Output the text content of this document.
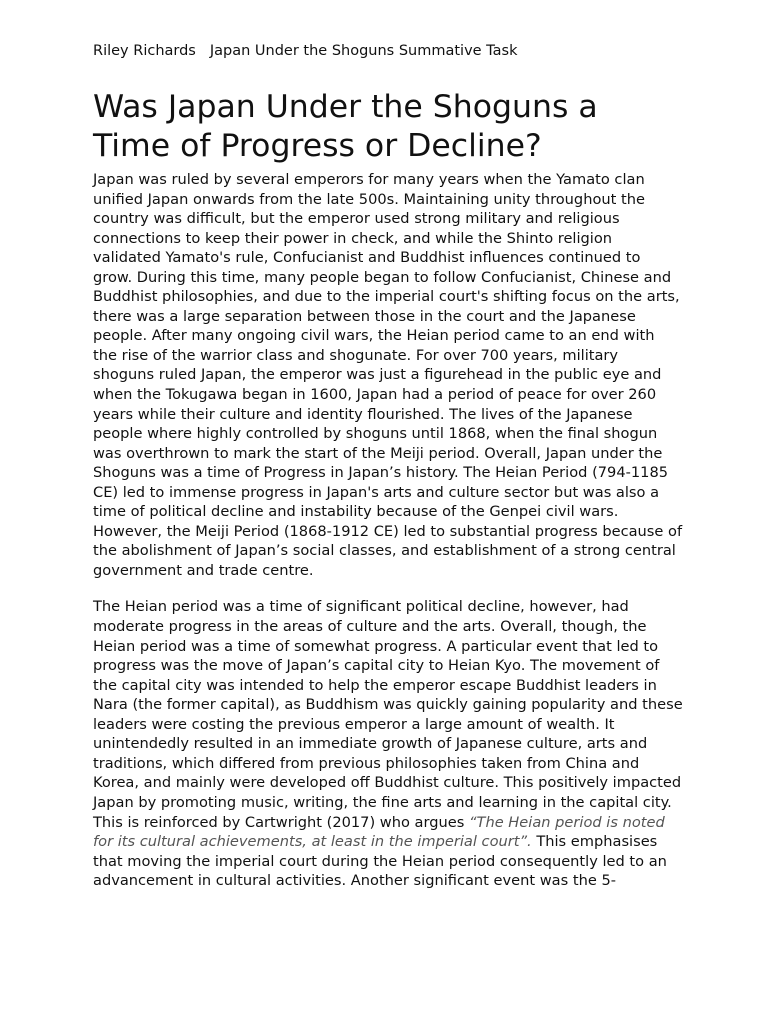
Riley Richards Japan Under the Shoguns Summative Task
Was Japan Under the Shoguns a Time of Progress or Decline?

Japan was ruled by several emperors for many years when the Yamato clan unified Japan onwards from the late 500s. Maintaining unity throughout the country was difficult, but the emperor used strong military and religious connections to keep their power in check, and while the Shinto religion validated Yamato's rule, Confucianist and Buddhist influences continued to grow. During this time, many people began to follow Confucianist, Chinese and Buddhist philosophies, and due to the imperial court's shifting focus on the arts, there was a large separation between those in the court and the Japanese people. After many ongoing civil wars, the Heian period came to an end with the rise of the warrior class and shogunate. For over 700 years, military shoguns ruled Japan, the emperor was just a figurehead in the public eye and when the Tokugawa began in 1600, Japan had a period of peace for over 260 years while their culture and identity flourished. The lives of the Japanese people where highly controlled by shoguns until 1868, when the final shogun was overthrown to mark the start of the Meiji period. Overall, Japan under the Shoguns was a time of Progress in Japan’s history. The Heian Period (794-1185 CE) led to immense progress in Japan's arts and culture sector but was also a time of political decline and instability because of the Genpei civil wars. However, the Meiji Period (1868-1912 CE) led to substantial progress because of the abolishment of Japan’s social classes, and establishment of a strong central government and trade centre.

The Heian period was a time of significant political decline, however, had moderate progress in the areas of culture and the arts. Overall, though, the Heian period was a time of somewhat progress. A particular event that led to progress was the move of Japan’s capital city to Heian Kyo. The movement of the capital city was intended to help the emperor escape Buddhist leaders in Nara (the former capital), as Buddhism was quickly gaining popularity and these leaders were costing the previous emperor a large amount of wealth. It unintendedly resulted in an immediate growth of Japanese culture, arts and traditions, which differed from previous philosophies taken from China and Korea, and mainly were developed off Buddhist culture. This positively impacted Japan by promoting music, writing, the fine arts and learning in the capital city. This is reinforced by Cartwright (2017) who argues “The Heian period is noted for its cultural achievements, at least in the imperial court”. This emphasises that moving the imperial court during the Heian period consequently led to an advancement in cultural activities. Another significant event was the 5-
